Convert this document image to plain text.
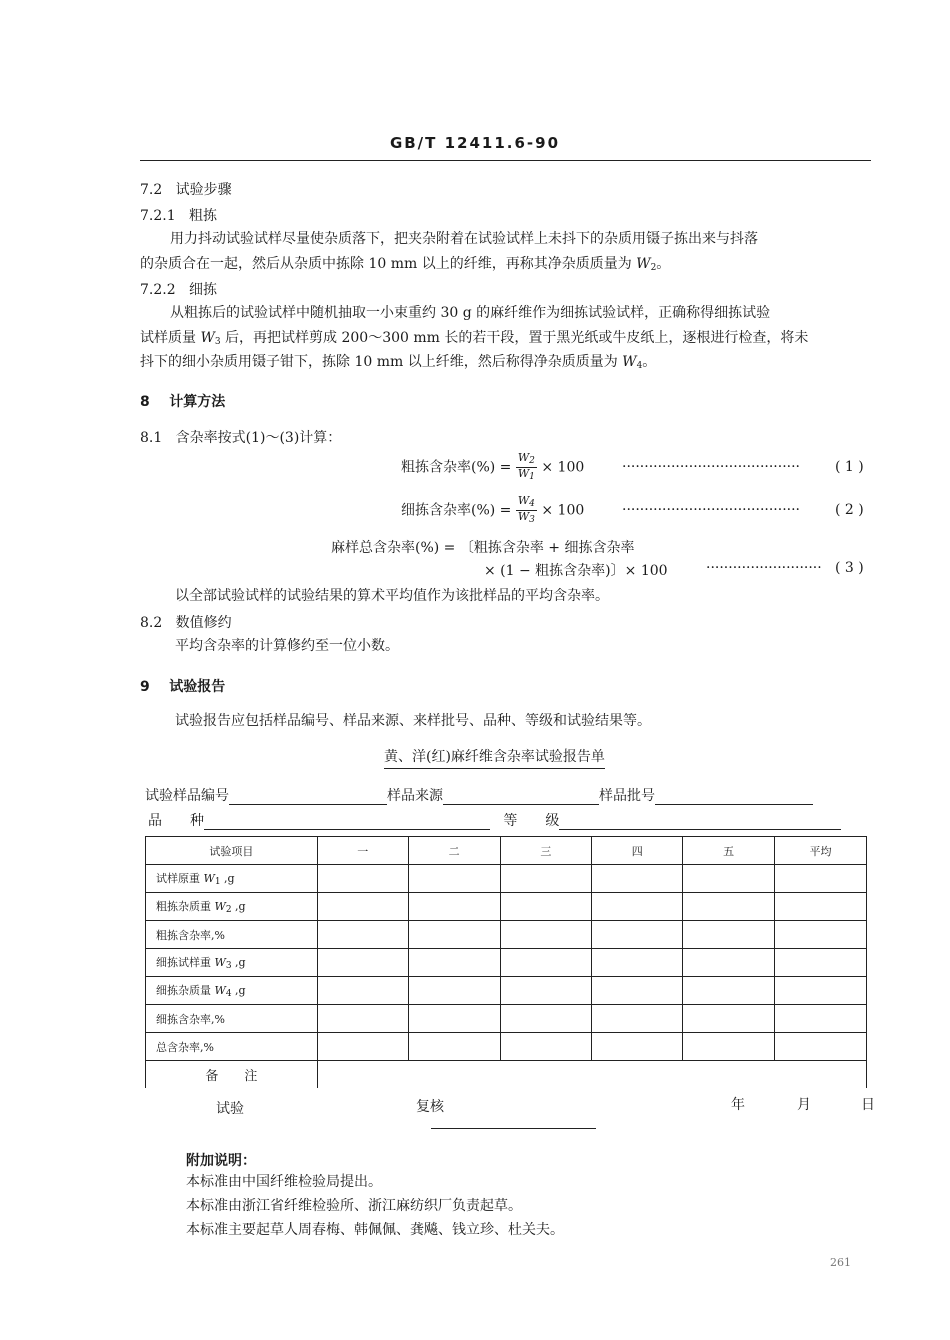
GB/T 12411.6-90
7.2 试验步骤
7.2.1 粗拣
用力抖动试验试样尽量使杂质落下，把夹杂附着在试验试样上未抖下的杂质用镊子拣出来与抖落
的杂质合在一起，然后从杂质中拣除 10 mm 以上的纤维，再称其净杂质质量为 $W_2$。
7.2.2 细拣
从粗拣后的试验试样中随机抽取一小束重约 30 g 的麻纤维作为细拣试验试样，正确称得细拣试验
试样质量 $W_3$ 后，再把试样剪成 200～300 mm 长的若干段，置于黑光纸或牛皮纸上，逐根进行检查，将未
抖下的细小杂质用镊子钳下，拣除 10 mm 以上纤维，然后称得净杂质质量为 $W_4$。
8 计算方法
8.1 含杂率按式(1)～(3)计算：
粗拣含杂率(%) = $\frac{W_2}{W_1} \times 100$	········································ ( 1 )
细拣含杂率(%) = $\frac{W_4}{W_3} \times 100$	········································ ( 2 )
麻样总含杂率(%) = 〔粗拣含杂率 + 细拣含杂率
× (1 − 粗拣含杂率)〕× 100	·························· ( 3 )
以全部试验试样的试验结果的算术平均值作为该批样品的平均含杂率。
8.2 数值修约
平均含杂率的计算修约至一位小数。
9 试验报告
试验报告应包括样品编号、样品来源、来样批号、品种、等级和试验结果等。
黄、洋(红)麻纤维含杂率试验报告单
试验样品编号	样品来源	样品批号
品　　种	等　　级
试验项目	一	二	三	四	五	平均
试样原重 $W_1$ ,g						
粗拣杂质重 $W_2$ ,g						
粗拣含杂率,%						
细拣试样重 $W_3$ ,g						
细拣杂质量 $W_4$ ,g						
细拣含杂率,%						
总含杂率,%						
备　　注						
试验	复核	年	月	日
附加说明：
本标准由中国纤维检验局提出。
本标准由浙江省纤维检验所、浙江麻纺织厂负责起草。
本标准主要起草人周春梅、韩佩佩、龚飚、钱立珍、杜关夫。
261
